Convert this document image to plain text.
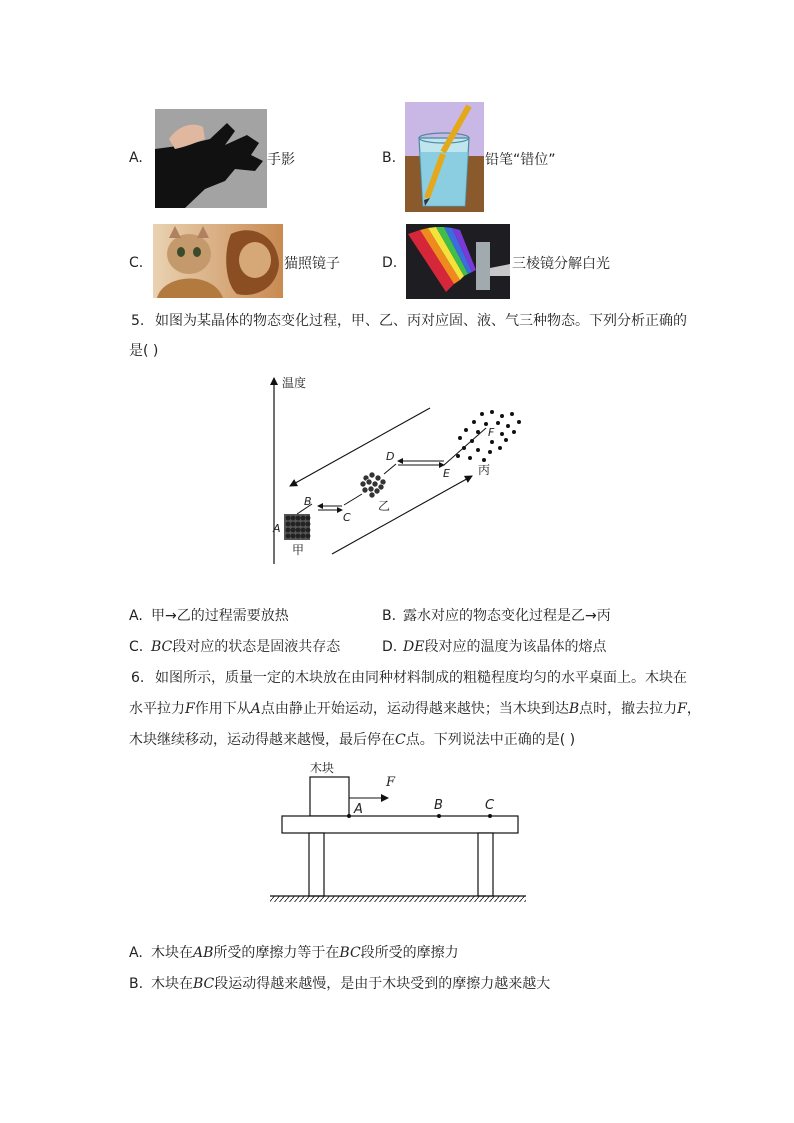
A.	手影	B.	铅笔“错位”
C.	猫照镜子	D.	三棱镜分解白光
5. 如图为某晶体的物态变化过程，甲、乙、丙对应固、液、气三种物态。下列分析正确的
是( )
温度
A
B
C
D
E
F
甲
乙
丙
A. 甲→乙的过程需要放热	B. 露水对应的物态变化过程是乙→丙
C. BC段对应的状态是固液共存态	D. DE段对应的温度为该晶体的熔点
6. 如图所示，质量一定的木块放在由同种材料制成的粗糙程度均匀的水平桌面上。木块在
水平拉力F作用下从A点由静止开始运动，运动得越来越快；当木块到达B点时，撤去拉力F，
木块继续移动，运动得越来越慢，最后停在C点。下列说法中正确的是( )
木块
F
A	B	C
A. 木块在AB所受的摩擦力等于在BC段所受的摩擦力
B. 木块在BC段运动得越来越慢，是由于木块受到的摩擦力越来越大
